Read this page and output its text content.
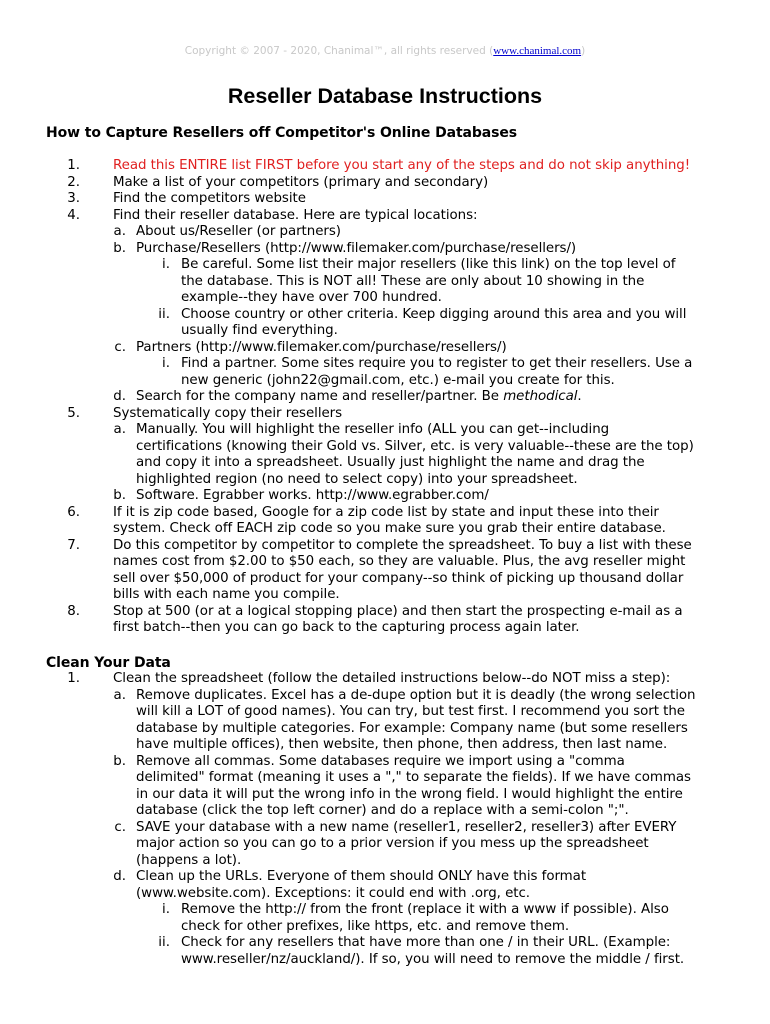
Copyright © 2007 - 2020, Chanimal™, all rights reserved (www.chanimal.com)
Reseller Database Instructions
How to Capture Resellers off Competitor's Online Databases
1. Read this ENTIRE list FIRST before you start any of the steps and do not skip anything!
2. Make a list of your competitors (primary and secondary)
3. Find the competitors website
4. Find their reseller database. Here are typical locations:
a. About us/Reseller (or partners)
b. Purchase/Resellers (http://www.filemaker.com/purchase/resellers/)
i. Be careful. Some list their major resellers (like this link) on the top level of
the database. This is NOT all! These are only about 10 showing in the
example--they have over 700 hundred.
ii. Choose country or other criteria. Keep digging around this area and you will
usually find everything.
c. Partners (http://www.filemaker.com/purchase/resellers/)
i. Find a partner. Some sites require you to register to get their resellers. Use a
new generic (john22@gmail.com, etc.) e-mail you create for this.
d. Search for the company name and reseller/partner. Be methodical.
5. Systematically copy their resellers
a. Manually. You will highlight the reseller info (ALL you can get--including
certifications (knowing their Gold vs. Silver, etc. is very valuable--these are the top)
and copy it into a spreadsheet. Usually just highlight the name and drag the
highlighted region (no need to select copy) into your spreadsheet.
b. Software. Egrabber works. http://www.egrabber.com/
6. If it is zip code based, Google for a zip code list by state and input these into their
system. Check off EACH zip code so you make sure you grab their entire database.
7. Do this competitor by competitor to complete the spreadsheet. To buy a list with these
names cost from $2.00 to $50 each, so they are valuable. Plus, the avg reseller might
sell over $50,000 of product for your company--so think of picking up thousand dollar
bills with each name you compile.
8. Stop at 500 (or at a logical stopping place) and then start the prospecting e-mail as a
first batch--then you can go back to the capturing process again later.
Clean Your Data
1. Clean the spreadsheet (follow the detailed instructions below--do NOT miss a step):
a. Remove duplicates. Excel has a de-dupe option but it is deadly (the wrong selection
will kill a LOT of good names). You can try, but test first. I recommend you sort the
database by multiple categories. For example: Company name (but some resellers
have multiple offices), then website, then phone, then address, then last name.
b. Remove all commas. Some databases require we import using a "comma
delimited" format (meaning it uses a "," to separate the fields). If we have commas
in our data it will put the wrong info in the wrong field. I would highlight the entire
database (click the top left corner) and do a replace with a semi-colon ";".
c. SAVE your database with a new name (reseller1, reseller2, reseller3) after EVERY
major action so you can go to a prior version if you mess up the spreadsheet
(happens a lot).
d. Clean up the URLs. Everyone of them should ONLY have this format
(www.website.com). Exceptions: it could end with .org, etc.
i. Remove the http:// from the front (replace it with a www if possible). Also
check for other prefixes, like https, etc. and remove them.
ii. Check for any resellers that have more than one / in their URL. (Example:
www.reseller/nz/auckland/). If so, you will need to remove the middle / first.
